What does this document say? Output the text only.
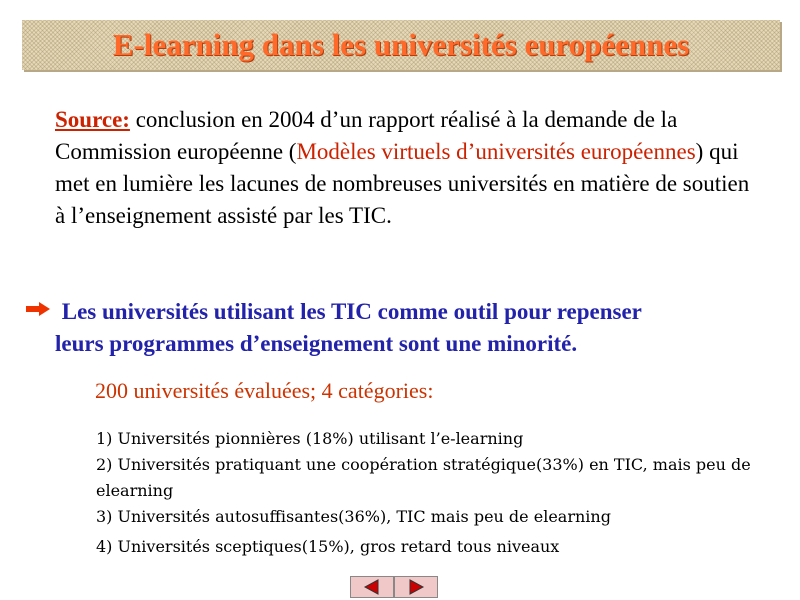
E-learning dans les universités européennes
Source: conclusion en 2004 d’un rapport réalisé à la demande de la Commission européenne (Modèles virtuels d’universités européennes) qui met en lumière les lacunes de nombreuses universités en matière de soutien à l’enseignement assisté par les TIC.
Les universités utilisant les TIC comme outil pour repenser
leurs programmes d’enseignement sont une minorité.
200 universités évaluées; 4 catégories:
1) Universités pionnières (18%) utilisant l’e-learning
2) Universités pratiquant une coopération stratégique(33%) en TIC, mais peu de elearning
3) Universités autosuffisantes(36%), TIC mais peu de elearning
4) Universités sceptiques(15%), gros retard tous niveaux
